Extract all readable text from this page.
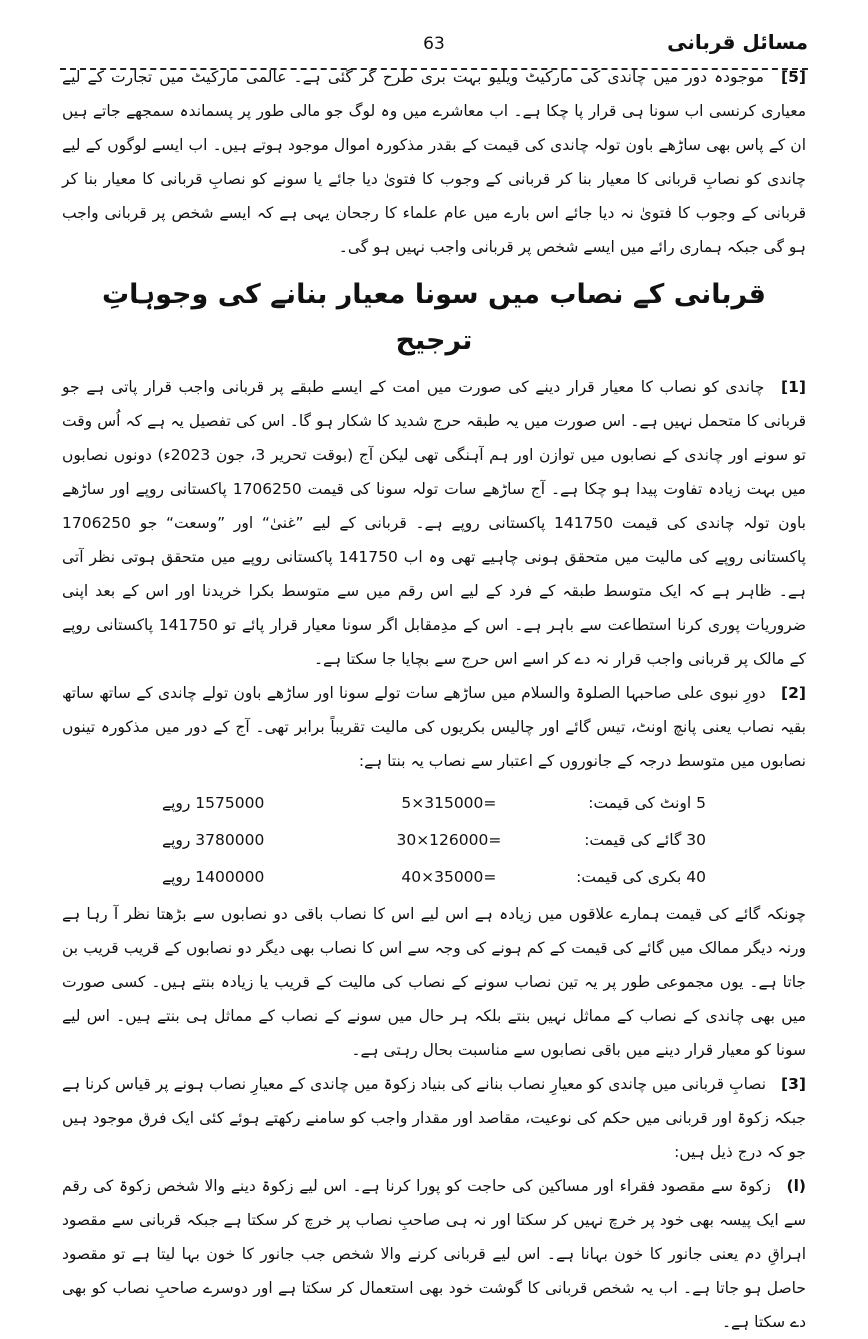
مسائل قربانی
63

[5] موجودہ دور میں چاندی کی مارکیٹ ویلیو بہت بری طرح گر گئی ہے۔ عالمی مارکیٹ میں تجارت کے لیے معیاری کرنسی اب سونا ہی قرار پا چکا ہے۔ اب معاشرے میں وہ لوگ جو مالی طور پر پسماندہ سمجھے جاتے ہیں ان کے پاس بھی ساڑھے باون تولہ چاندی کی قیمت کے بقدر مذکورہ اموال موجود ہوتے ہیں۔ اب ایسے لوگوں کے لیے چاندی کو نصابِ قربانی کا معیار بنا کر قربانی کے وجوب کا فتویٰ دیا جائے یا سونے کو نصابِ قربانی کا معیار بنا کر قربانی کے وجوب کا فتویٰ نہ دیا جائے اس بارے میں عام علماء کا رجحان یہی ہے کہ ایسے شخص پر قربانی واجب ہو گی جبکہ ہماری رائے میں ایسے شخص پر قربانی واجب نہیں ہو گی۔

قربانی کے نصاب میں سونا معیار بنانے کی وجوہاتِ ترجیح

[1] چاندی کو نصاب کا معیار قرار دینے کی صورت میں امت کے ایسے طبقے پر قربانی واجب قرار پاتی ہے جو قربانی کا متحمل نہیں ہے۔ اس صورت میں یہ طبقہ حرج شدید کا شکار ہو گا۔ اس کی تفصیل یہ ہے کہ اُس وقت تو سونے اور چاندی کے نصابوں میں توازن اور ہم آہنگی تھی لیکن آج (بوقت تحریر 3، جون 2023ء) دونوں نصابوں میں بہت زیادہ تفاوت پیدا ہو چکا ہے۔ آج ساڑھے سات تولہ سونا کی قیمت 1706250 پاکستانی روپے اور ساڑھے باون تولہ چاندی کی قیمت 141750 پاکستانی روپے ہے۔ قربانی کے لیے ”غنیٰ“ اور ”وسعت“ جو 1706250 پاکستانی روپے کی مالیت میں متحقق ہونی چاہیے تھی وہ اب 141750 پاکستانی روپے میں متحقق ہوتی نظر آتی ہے۔ ظاہر ہے کہ ایک متوسط طبقہ کے فرد کے لیے اس رقم میں سے متوسط بکرا خریدنا اور اس کے بعد اپنی ضروریات پوری کرنا استطاعت سے باہر ہے۔ اس کے مدِمقابل اگر سونا معیار قرار پائے تو 141750 پاکستانی روپے کے مالک پر قربانی واجب قرار نہ دے کر اسے اس حرج سے بچایا جا سکتا ہے۔

[2] دورِ نبوی علی صاحبہا الصلوۃ والسلام میں ساڑھے سات تولے سونا اور ساڑھے باون تولے چاندی کے ساتھ ساتھ بقیہ نصاب یعنی پانچ اونٹ، تیس گائے اور چالیس بکریوں کی مالیت تقریباً برابر تھی۔ آج کے دور میں مذکورہ تینوں نصابوں میں متوسط درجہ کے جانوروں کے اعتبار سے نصاب یہ بنتا ہے:

5 اونٹ کی قیمت:	5×315000=	1575000 روپے
30 گائے کی قیمت:	30×126000=	3780000 روپے
40 بکری کی قیمت:	40×35000=	1400000 روپے

چونکہ گائے کی قیمت ہمارے علاقوں میں زیادہ ہے اس لیے اس کا نصاب باقی دو نصابوں سے بڑھتا نظر آ رہا ہے ورنہ دیگر ممالک میں گائے کی قیمت کے کم ہونے کی وجہ سے اس کا نصاب بھی دیگر دو نصابوں کے قریب قریب بن جاتا ہے۔ یوں مجموعی طور پر یہ تین نصاب سونے کے نصاب کی مالیت کے قریب یا زیادہ بنتے ہیں۔ کسی صورت میں بھی چاندی کے نصاب کے مماثل نہیں بنتے بلکہ ہر حال میں سونے کے نصاب کے مماثل ہی بنتے ہیں۔ اس لیے سونا کو معیار قرار دینے میں باقی نصابوں سے مناسبت بحال رہتی ہے۔

[3] نصابِ قربانی میں چاندی کو معیارِ نصاب بنانے کی بنیاد زکوۃ میں چاندی کے معیارِ نصاب ہونے پر قیاس کرنا ہے جبکہ زکوۃ اور قربانی میں حکم کی نوعیت، مقاصد اور مقدار واجب کو سامنے رکھتے ہوئے کئی ایک فرق موجود ہیں جو کہ درج ذیل ہیں:

(ا) زکوۃ سے مقصود فقراء اور مساکین کی حاجت کو پورا کرنا ہے۔ اس لیے زکوۃ دینے والا شخص زکوۃ کی رقم سے ایک پیسہ بھی خود پر خرچ نہیں کر سکتا اور نہ ہی صاحبِ نصاب پر خرچ کر سکتا ہے جبکہ قربانی سے مقصود اہراقِ دم یعنی جانور کا خون بہانا ہے۔ اس لیے قربانی کرنے والا شخص جب جانور کا خون بہا لیتا ہے تو مقصود حاصل ہو جاتا ہے۔ اب یہ شخص قربانی کا گوشت خود بھی استعمال کر سکتا ہے اور دوسرے صاحبِ نصاب کو بھی دے سکتا ہے۔
